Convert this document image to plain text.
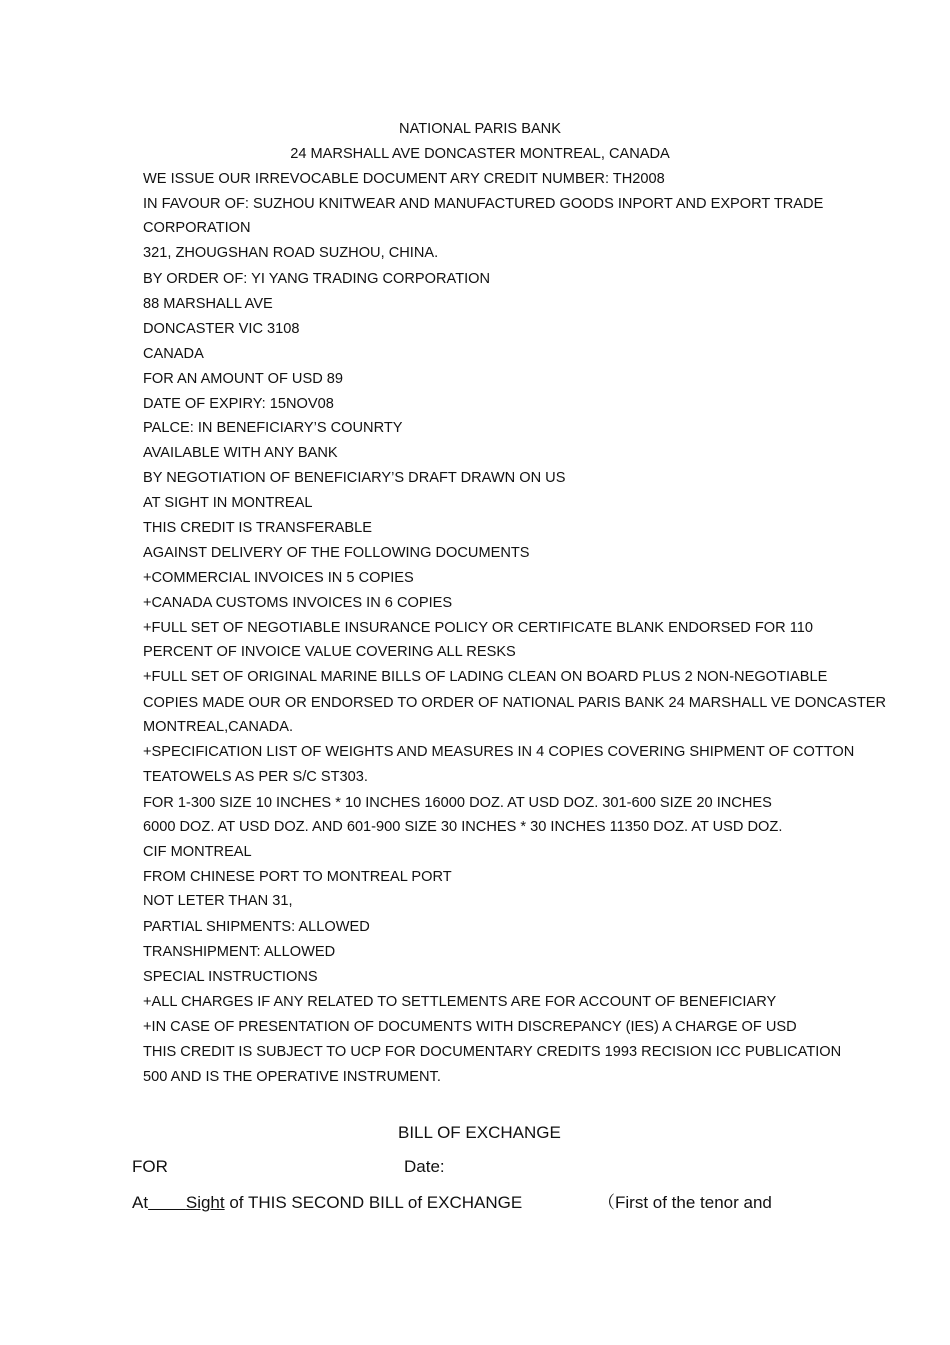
NATIONAL PARIS BANK
24 MARSHALL AVE DONCASTER MONTREAL, CANADA
WE ISSUE OUR IRREVOCABLE DOCUMENT ARY CREDIT NUMBER: TH2008
IN FAVOUR OF: SUZHOU KNITWEAR AND MANUFACTURED GOODS INPORT AND EXPORT TRADE
CORPORATION
321, ZHOUGSHAN ROAD SUZHOU, CHINA.
BY ORDER OF: YI YANG TRADING CORPORATION
88 MARSHALL AVE
DONCASTER VIC 3108
CANADA
FOR AN AMOUNT OF USD 89
DATE OF EXPIRY: 15NOV08
PALCE: IN BENEFICIARY’S COUNRTY
AVAILABLE WITH ANY BANK
BY NEGOTIATION OF BENEFICIARY’S DRAFT DRAWN ON US
AT SIGHT IN MONTREAL
THIS CREDIT IS TRANSFERABLE
AGAINST DELIVERY OF THE FOLLOWING DOCUMENTS
+COMMERCIAL INVOICES IN 5 COPIES
+CANADA CUSTOMS INVOICES IN 6 COPIES
+FULL SET OF NEGOTIABLE INSURANCE POLICY OR CERTIFICATE BLANK ENDORSED FOR 110
PERCENT OF INVOICE VALUE COVERING ALL RESKS
+FULL SET OF ORIGINAL MARINE BILLS OF LADING CLEAN ON BOARD PLUS 2 NON-NEGOTIABLE
COPIES MADE OUR OR ENDORSED TO ORDER OF NATIONAL PARIS BANK 24 MARSHALL VE DONCASTER
MONTREAL,CANADA.
+SPECIFICATION LIST OF WEIGHTS AND MEASURES IN 4 COPIES COVERING SHIPMENT OF COTTON
TEATOWELS AS PER S/C ST303.
FOR 1-300 SIZE 10 INCHES * 10 INCHES 16000 DOZ. AT USD DOZ. 301-600 SIZE 20 INCHES
6000 DOZ. AT USD DOZ. AND 601-900 SIZE 30 INCHES * 30 INCHES 11350 DOZ. AT USD DOZ.
CIF MONTREAL
FROM CHINESE PORT TO MONTREAL PORT
NOT LETER THAN 31,
PARTIAL SHIPMENTS: ALLOWED
TRANSHIPMENT: ALLOWED
SPECIAL INSTRUCTIONS
+ALL CHARGES IF ANY RELATED TO SETTLEMENTS ARE FOR ACCOUNT OF BENEFICIARY
+IN CASE OF PRESENTATION OF DOCUMENTS WITH DISCREPANCY (IES) A CHARGE OF USD
THIS CREDIT IS SUBJECT TO UCP FOR DOCUMENTARY CREDITS 1993 RECISION ICC PUBLICATION
500 AND IS THE OPERATIVE INSTRUMENT.
BILL OF EXCHANGE
FOR	Date:
At Sight of THIS SECOND BILL of EXCHANGE	（First of the tenor and
